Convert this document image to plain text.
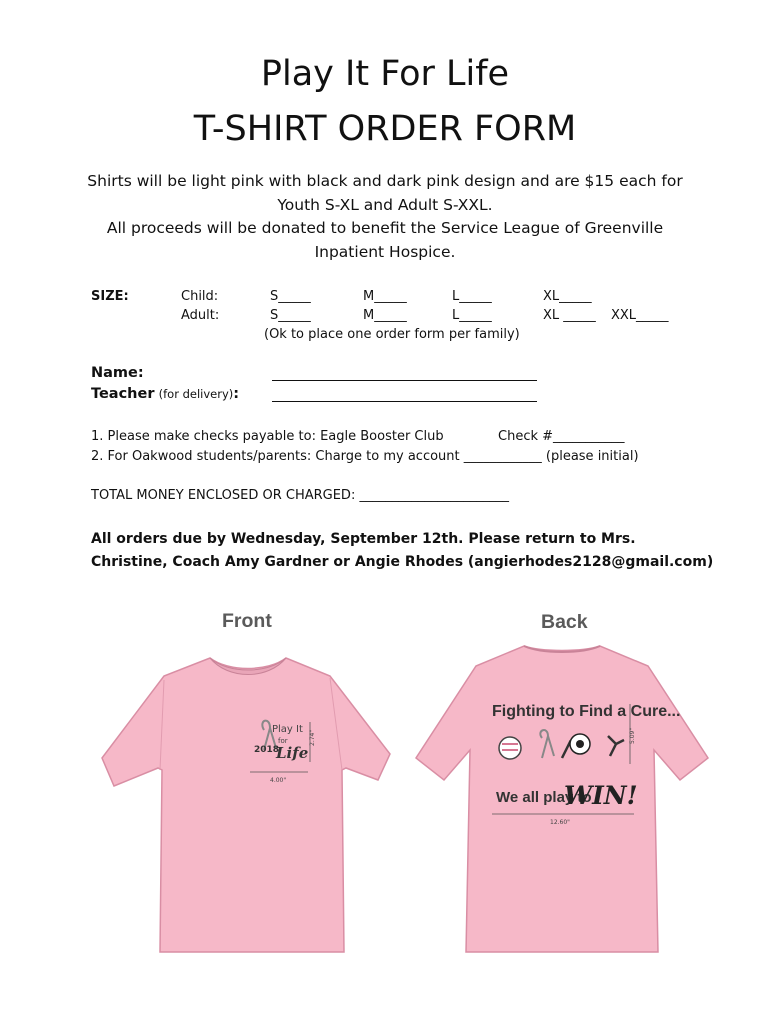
Play It For Life
T-SHIRT ORDER FORM

Shirts will be light pink with black and dark pink design and are $15 each for

Youth S-XL and Adult S-XXL.

All proceeds will be donated to benefit the Service League of Greenville

Inpatient Hospice.

SIZE:	Child:	S_____	M_____	L_____	XL_____
Adult:	S_____	M_____	L_____	XL _____ XXL_____
(Ok to place one order form per family)
Name:
Teacher (for delivery):
1. Please make checks payable to: Eagle Booster Club	Check #___________
2. For Oakwood students/parents: Charge to my account ____________ (please initial)
TOTAL MONEY ENCLOSED OR CHARGED: _______________________

All orders due by Wednesday, September 12th. Please return to Mrs.

Christine, Coach Amy Gardner or Angie Rhodes (angierhodes2128@gmail.com)

Front	Back
Play It
for
2018
Life
2.74"
4.00"
Fighting to Find a Cure...
We all play to
WIN!
5.09"
12.60"
